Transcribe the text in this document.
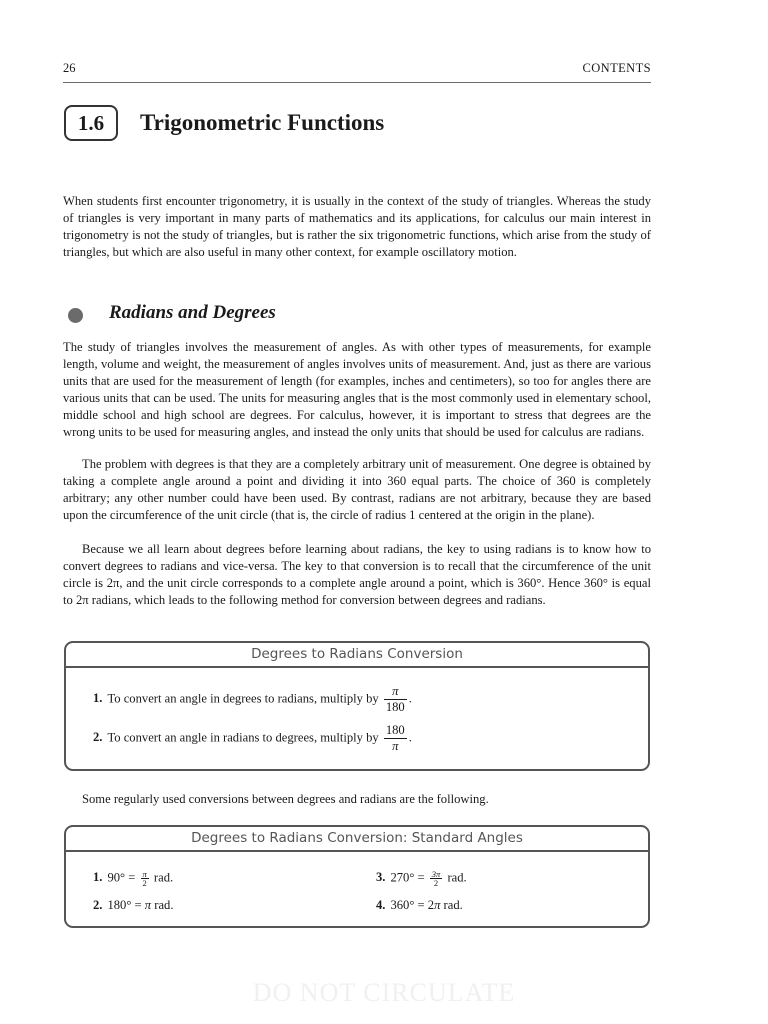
26	CONTENTS
1.6	Trigonometric Functions

When students first encounter trigonometry, it is usually in the context of the study of triangles. Whereas the study of triangles is very important in many parts of mathematics and its applications, for calculus our main interest in trigonometry is not the study of triangles, but is rather the six trigonometric functions, which arise from the study of triangles, but which are also useful in many other context, for example oscillatory motion.

Radians and Degrees

The study of triangles involves the measurement of angles. As with other types of measurements, for example length, volume and weight, the measurement of angles involves units of measurement. And, just as there are various units that are used for the measurement of length (for examples, inches and centimeters), so too for angles there are various units that can be used. The units for measuring angles that is the most commonly used in elementary school, middle school and high school are degrees. For calculus, however, it is important to stress that degrees are the wrong units to be used for measuring angles, and instead the only units that should be used for calculus are radians.

The problem with degrees is that they are a completely arbitrary unit of measurement. One degree is obtained by taking a complete angle around a point and dividing it into 360 equal parts. The choice of 360 is completely arbitrary; any other number could have been used. By contrast, radians are not arbitrary, because they are based upon the circumference of the unit circle (that is, the circle of radius 1 centered at the origin in the plane).

Because we all learn about degrees before learning about radians, the key to using radians is to know how to convert degrees to radians and vice-versa. The key to that conversion is to recall that the circumference of the unit circle is 2π, and the unit circle corresponds to a complete angle around a point, which is 360°. Hence 360° is equal to 2π radians, which leads to the following method for conversion between degrees and radians.

Degrees to Radians Conversion
1. To convert an angle in degrees to radians, multiply by $\frac{\pi}{180}$ .
2. To convert an angle in radians to degrees, multiply by $\frac{180}{\pi}$ .
Some regularly used conversions between degrees and radians are the following.
Degrees to Radians Conversion: Standard Angles
1. $90^\circ = \frac{\pi}{2}$ rad.
2. 180° = π rad.
3. $270^\circ = \frac{3\pi}{2}$ rad.
4. 360° = 2π rad.
DO NOT CIRCULATE
